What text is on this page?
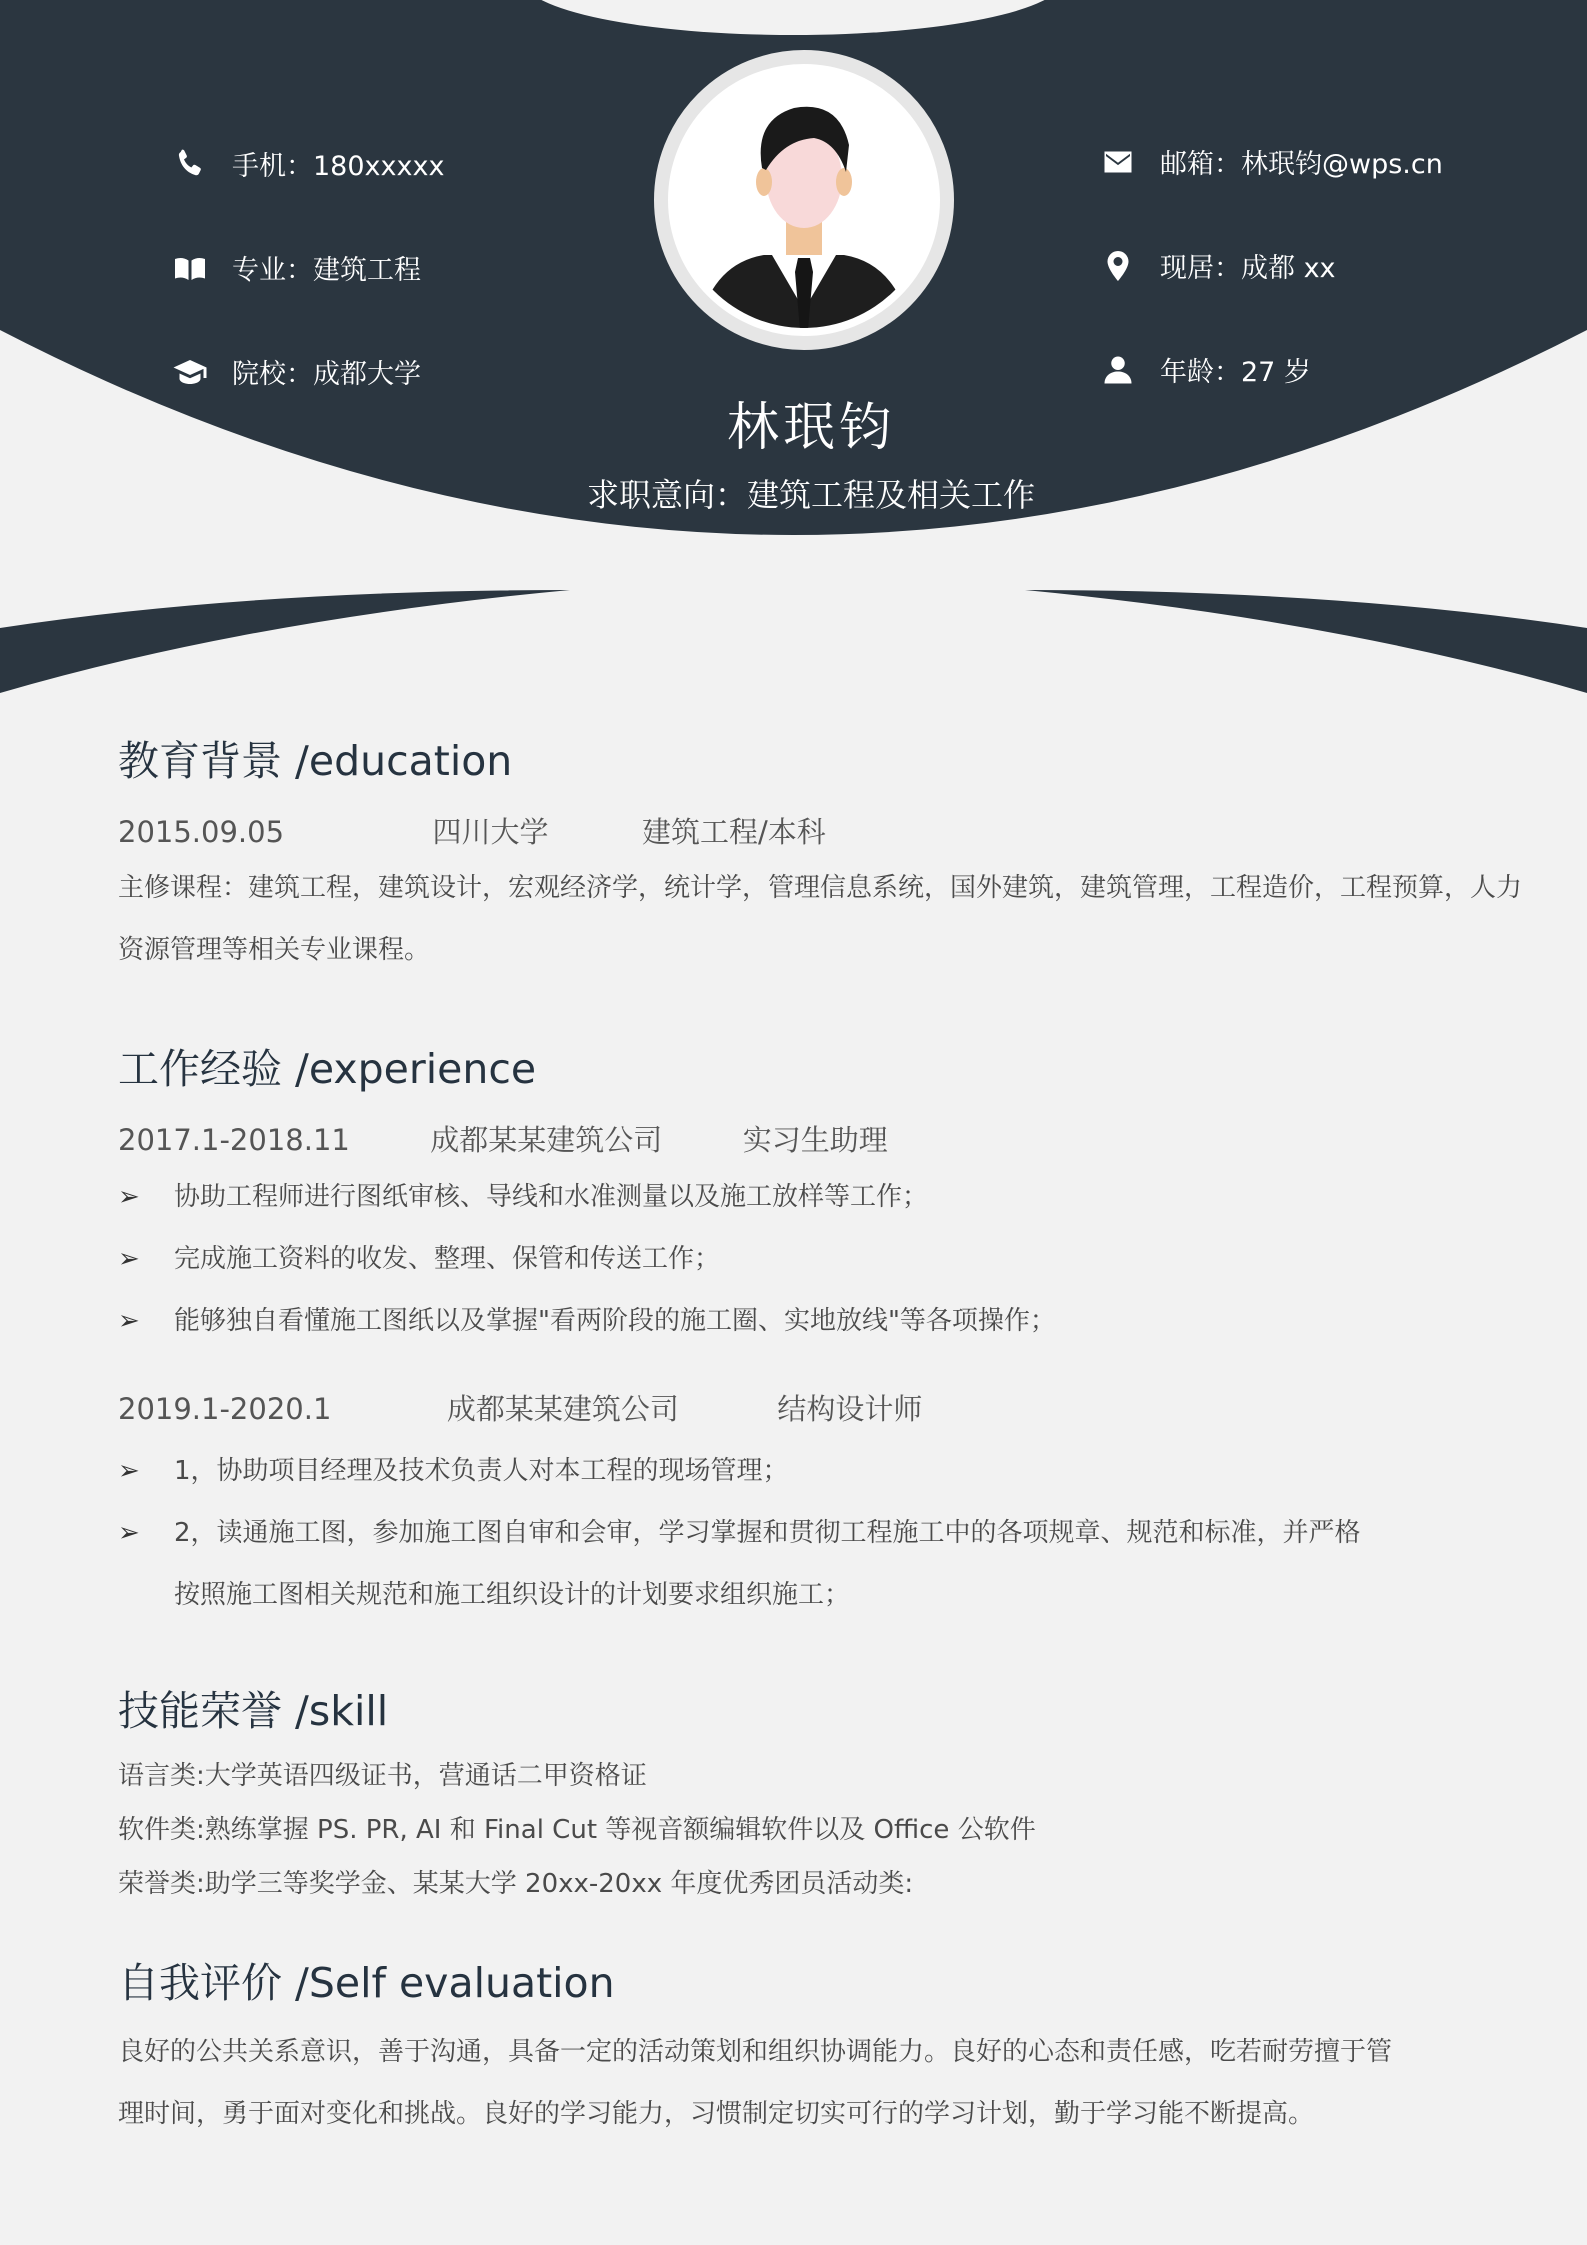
手机：180xxxxx
专业：建筑工程
院校：成都大学
邮箱：林珉钧@wps.cn
现居：成都 xx
年龄：27 岁
林珉钧
求职意向：建筑工程及相关工作
教育背景 /education
2015.09.05	四川大学	建筑工程/本科
主修课程：建筑工程，建筑设计，宏观经济学，统计学，管理信息系统，国外建筑，建筑管理，工程造价，工程预算，人力
资源管理等相关专业课程。
工作经验 /experience
2017.1-2018.11	成都某某建筑公司	实习生助理
➢ 协助工程师进行图纸审核、导线和水准测量以及施工放样等工作；
➢ 完成施工资料的收发、整理、保管和传送工作；
➢ 能够独自看懂施工图纸以及掌握"看两阶段的施工圈、实地放线"等各项操作；
2019.1-2020.1	成都某某建筑公司	结构设计师
➢ 1，协助项目经理及技术负责人对本工程的现场管理；
➢ 2，读通施工图，参加施工图自审和会审，学习掌握和贯彻工程施工中的各项规章、规范和标准，并严格
按照施工图相关规范和施工组织设计的计划要求组织施工；
技能荣誉 /skill
语言类:大学英语四级证书，营通话二甲资格证
软件类:熟练掌握 PS. PR, AI 和 Final Cut 等视音额编辑软件以及 Office 公软件
荣誉类:助学三等奖学金、某某大学 20xx-20xx 年度优秀团员活动类:
自我评价 /Self evaluation
良好的公共关系意识，善于沟通，具备一定的活动策划和组织协调能力。良好的心态和责任感，吃若耐劳擅于管
理时间，勇于面对变化和挑战。良好的学习能力，习惯制定切实可行的学习计划，勤于学习能不断提高。
